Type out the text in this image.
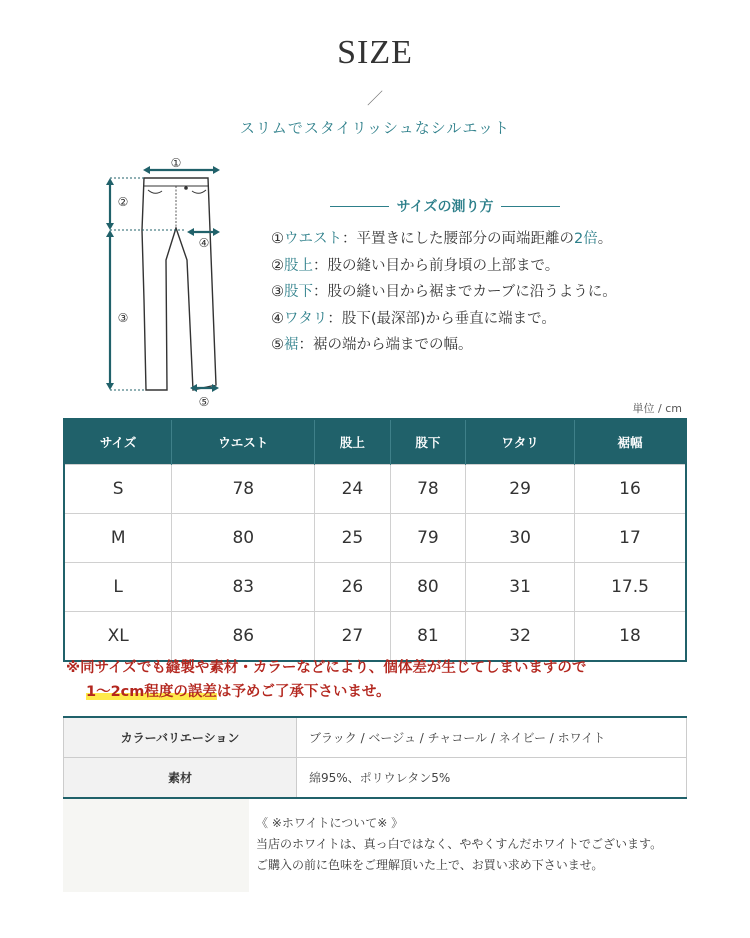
SIZE
／
スリムでスタイリッシュなシルエット
①
②
③
④
⑤
サイズの測り方
①ウエスト：平置きにした腰部分の両端距離の2倍。
②股上：股の縫い目から前身頃の上部まで。
③股下：股の縫い目から裾までカーブに沿うように。
④ワタリ：股下(最深部)から垂直に端まで。
⑤裾：裾の端から端までの幅。
単位 / cm
サイズ	ウエスト	股上	股下	ワタリ	裾幅
S	78	24	78	29	16
M	80	25	79	30	17
L	83	26	80	31	17.5
XL	86	27	81	32	18
※同サイズでも縫製や素材・カラーなどにより、個体差が生じてしまいますので
1～2cm程度の誤差は予めご了承下さいませ。
カラーバリエーション	ブラック / ベージュ / チャコール / ネイビー / ホワイト
素材	綿95%、ポリウレタン5%
《 ※ホワイトについて※ 》
当店のホワイトは、真っ白ではなく、ややくすんだホワイトでございます。
ご購入の前に色味をご理解頂いた上で、お買い求め下さいませ。
